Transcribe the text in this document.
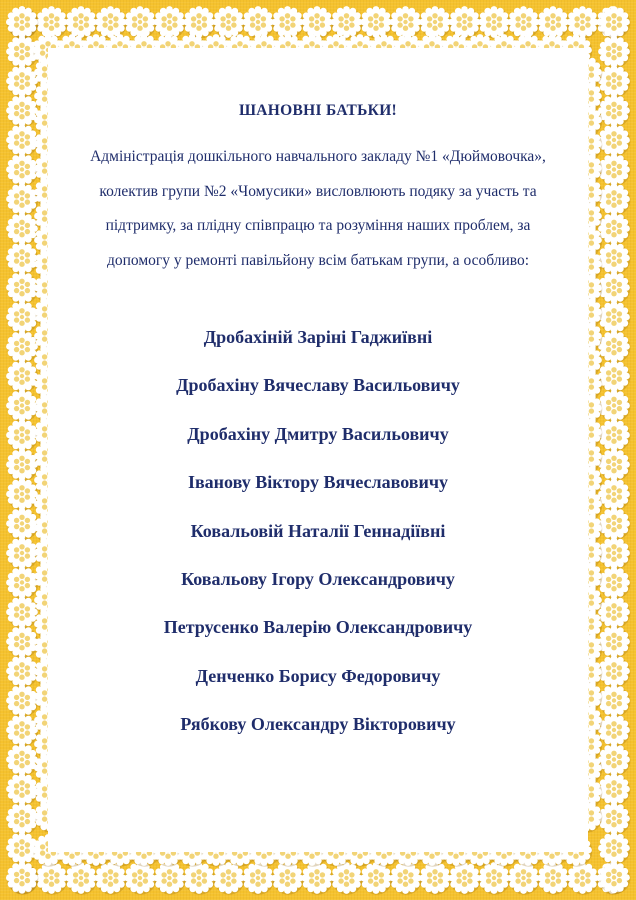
ШАНОВНІ БАТЬКИ!
Адміністрація дошкільного навчального закладу №1 «Дюймовочка»,
колектив групи №2 «Чомусики» висловлюють подяку за участь та
підтримку, за плідну співпрацю та розуміння наших проблем, за
допомогу у ремонті павільйону всім батькам групи, а особливо:
Дробахіній Заріні Гаджиївні
Дробахіну Вячеславу Васильовичу
Дробахіну Дмитру Васильовичу
Іванову Віктору Вячеславовичу
Ковальовій Наталії Геннадіївні
Ковальову Ігору Олександровичу
Петрусенко Валерію Олександровичу
Денченко Борису Федоровичу
Рябкову Олександру Вікторовичу
